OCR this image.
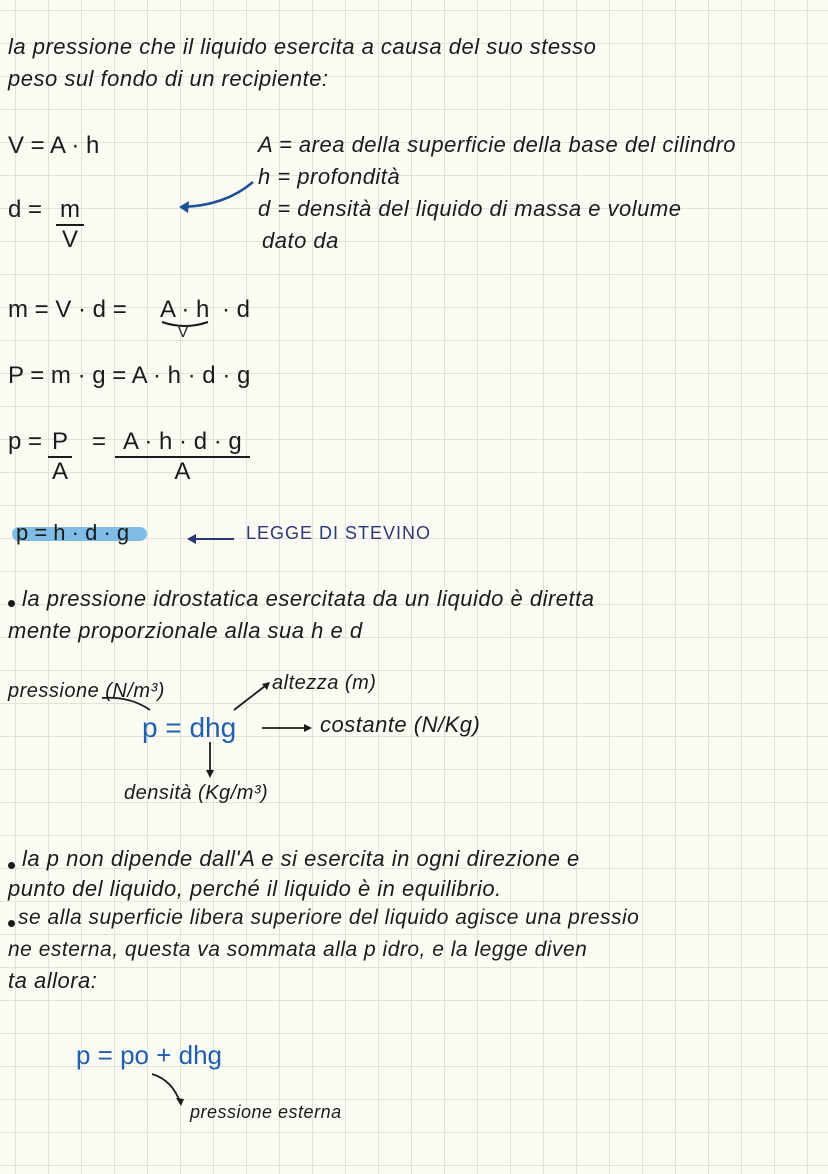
la pressione che il liquido esercita a causa del suo stesso
peso sul fondo di un recipiente:
V = A · h
$d = \frac{m}{V}$
A = area della superficie della base del cilindro
h = profondità
d = densità del liquido di massa e volume
dato da
m = V · d = A · h · d
V
P = m · g = A · h · d · g
$p = \frac{P}{A} = \frac{A \cdot h \cdot d \cdot g}{A}$
p = h · d · g	LEGGE DI STEVINO
la pressione idrostatica esercitata da un liquido è diretta
mente proporzionale alla sua h e d
pressione (N/m³)	altezza (m)
p = dhg	costante (N/Kg)
densità (Kg/m³)
la p non dipende dall'A e si esercita in ogni direzione e
punto del liquido, perché il liquido è in equilibrio.
se alla superficie libera superiore del liquido agisce una pressio
ne esterna, questa va sommata alla p idro, e la legge diven
ta allora:
p = po + dhg
pressione esterna
